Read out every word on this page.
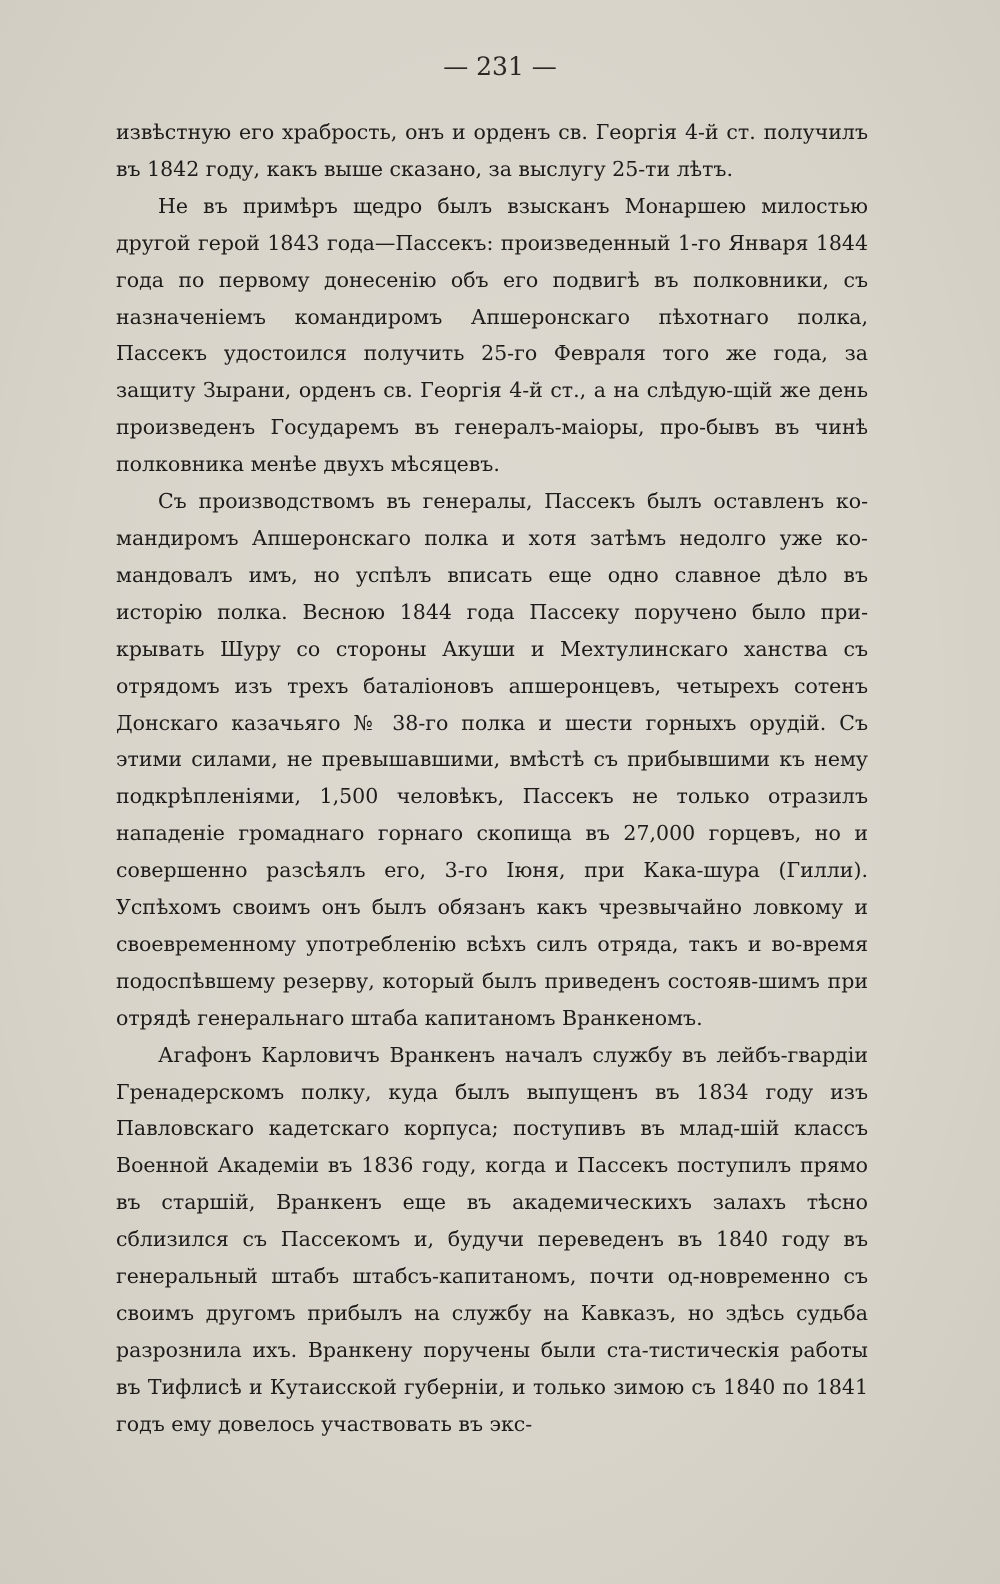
— 231 —

извѣстную его храбрость, онъ и орденъ св. Георгія 4-й ст. получилъ въ 1842 году, какъ выше сказано, за выслугу 25-ти лѣтъ.

Не въ примѣръ щедро былъ взысканъ Монаршею милостью другой герой 1843 года—Пассекъ: произведенный 1-го Января 1844 года по первому донесенію объ его подвигѣ въ полковники, съ назначеніемъ командиромъ Апшеронскаго пѣхотнаго полка, Пассекъ удостоился получить 25-го Февраля того же года, за защиту Зырани, орденъ св. Георгія 4-й ст., а на слѣдую-щій же день произведенъ Государемъ въ генералъ-маіоры, про-бывъ въ чинѣ полковника менѣе двухъ мѣсяцевъ.

Съ производствомъ въ генералы, Пассекъ былъ оставленъ ко-мандиромъ Апшеронскаго полка и хотя затѣмъ недолго уже ко-мандовалъ имъ, но успѣлъ вписать еще одно славное дѣло въ исторію полка. Весною 1844 года Пассеку поручено было при-крывать Шуру со стороны Акуши и Мехтулинскаго ханства съ отрядомъ изъ трехъ баталіоновъ апшеронцевъ, четырехъ сотенъ Донскаго казачьяго № 38-го полка и шести горныхъ орудій. Съ этими силами, не превышавшими, вмѣстѣ съ прибывшими къ нему подкрѣпленіями, 1,500 человѣкъ, Пассекъ не только отразилъ нападеніе громаднаго горнаго скопища въ 27,000 горцевъ, но и совершенно разсѣялъ его, 3-го Іюня, при Кака-шура (Гилли). Успѣхомъ своимъ онъ былъ обязанъ какъ чрезвычайно ловкому и своевременному употребленію всѣхъ силъ отряда, такъ и во-время подоспѣвшему резерву, который былъ приведенъ состояв-шимъ при отрядѣ генеральнаго штаба капитаномъ Вранкеномъ.

Агафонъ Карловичъ Вранкенъ началъ службу въ лейбъ-гвардіи Гренадерскомъ полку, куда былъ выпущенъ въ 1834 году изъ Павловскаго кадетскаго корпуса; поступивъ въ млад-шій классъ Военной Академіи въ 1836 году, когда и Пассекъ поступилъ прямо въ старшій, Вранкенъ еще въ академическихъ залахъ тѣсно сблизился съ Пассекомъ и, будучи переведенъ въ 1840 году въ генеральный штабъ штабсъ-капитаномъ, почти од-новременно съ своимъ другомъ прибылъ на службу на Кавказъ, но здѣсь судьба разрознила ихъ. Вранкену поручены были ста-тистическія работы въ Тифлисѣ и Кутаисской губерніи, и только зимою съ 1840 по 1841 годъ ему довелось участвовать въ экс-
